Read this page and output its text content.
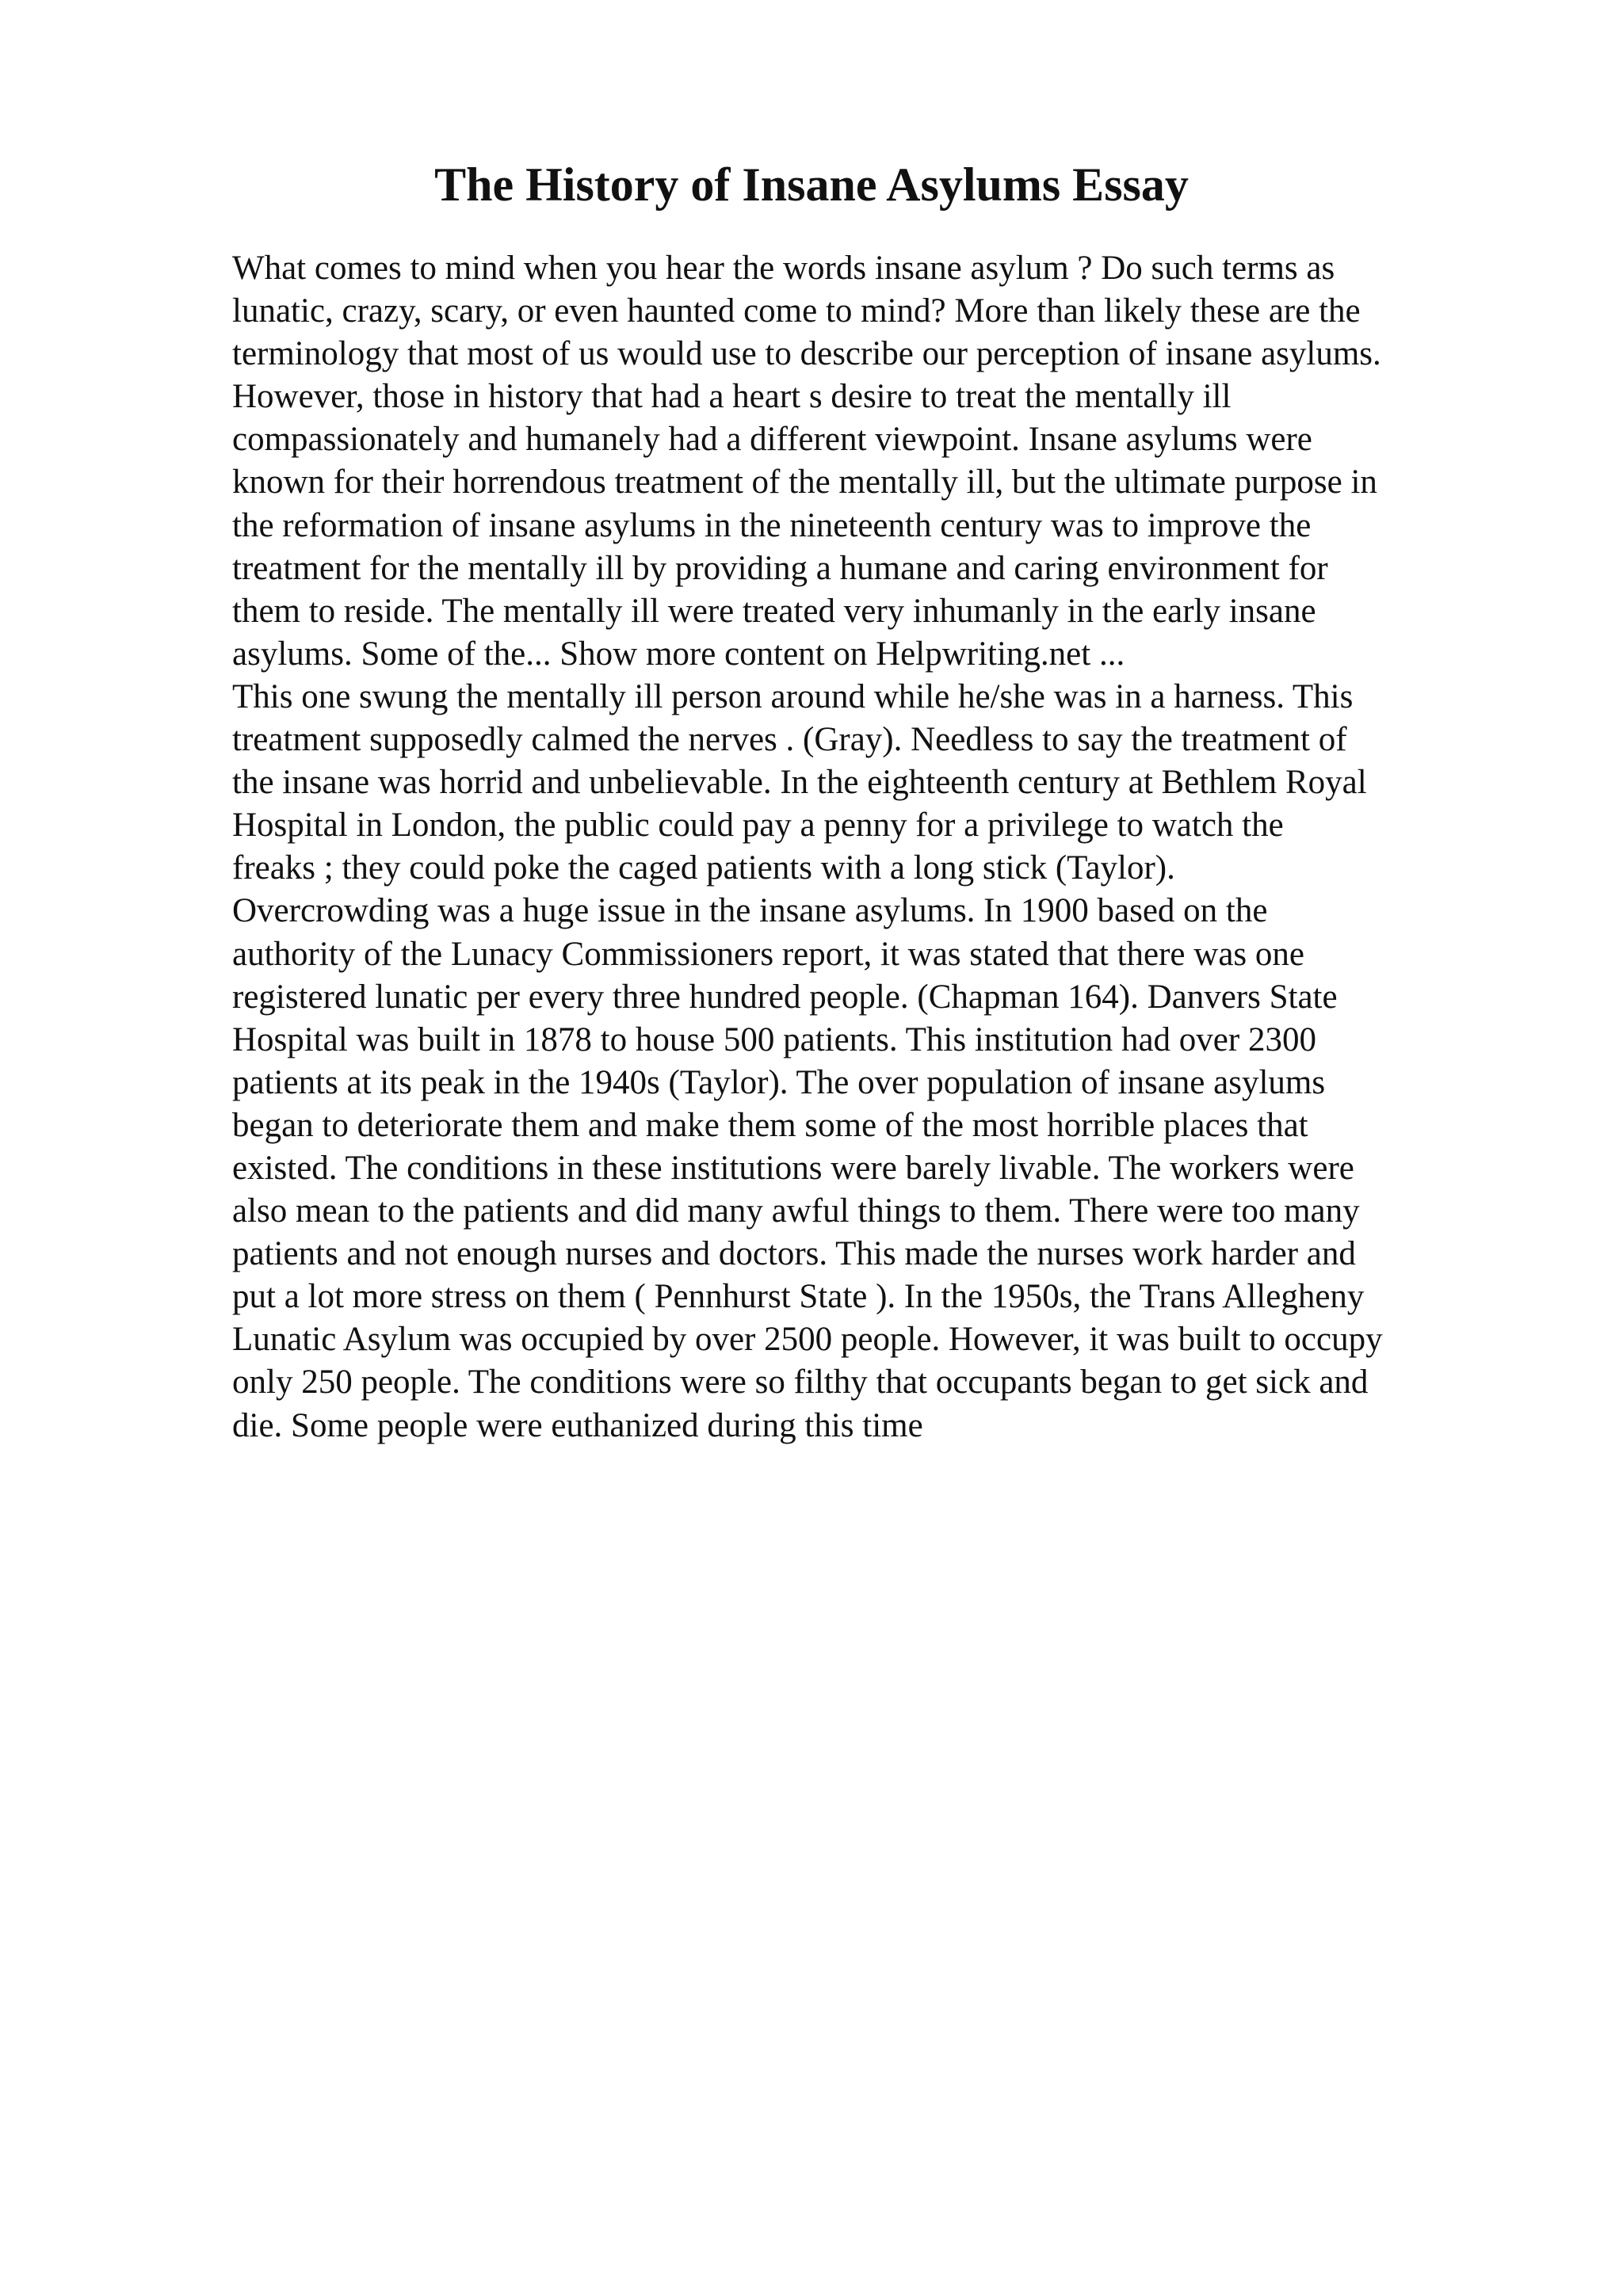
The History of Insane Asylums Essay
What comes to mind when you hear the words insane asylum ? Do such terms as
lunatic, crazy, scary, or even haunted come to mind? More than likely these are the
terminology that most of us would use to describe our perception of insane asylums.
However, those in history that had a heart s desire to treat the mentally ill
compassionately and humanely had a different viewpoint. Insane asylums were
known for their horrendous treatment of the mentally ill, but the ultimate purpose in
the reformation of insane asylums in the nineteenth century was to improve the
treatment for the mentally ill by providing a humane and caring environment for
them to reside. The mentally ill were treated very inhumanly in the early insane
asylums. Some of the... Show more content on Helpwriting.net ...
This one swung the mentally ill person around while he/she was in a harness. This
treatment supposedly calmed the nerves . (Gray). Needless to say the treatment of
the insane was horrid and unbelievable. In the eighteenth century at Bethlem Royal
Hospital in London, the public could pay a penny for a privilege to watch the
freaks ; they could poke the caged patients with a long stick (Taylor).
Overcrowding was a huge issue in the insane asylums. In 1900 based on the
authority of the Lunacy Commissioners report, it was stated that there was one
registered lunatic per every three hundred people. (Chapman 164). Danvers State
Hospital was built in 1878 to house 500 patients. This institution had over 2300
patients at its peak in the 1940s (Taylor). The over population of insane asylums
began to deteriorate them and make them some of the most horrible places that
existed. The conditions in these institutions were barely livable. The workers were
also mean to the patients and did many awful things to them. There were too many
patients and not enough nurses and doctors. This made the nurses work harder and
put a lot more stress on them ( Pennhurst State ). In the 1950s, the Trans Allegheny
Lunatic Asylum was occupied by over 2500 people. However, it was built to occupy
only 250 people. The conditions were so filthy that occupants began to get sick and
die. Some people were euthanized during this time
